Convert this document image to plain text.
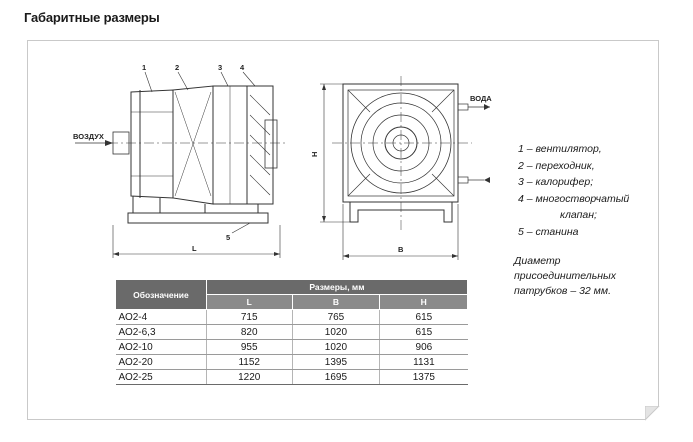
Габаритные размеры
1	2	3 4
5
ВОЗДУХ
ВОДА
L	B
H	1 – вентилятор,
2 – переходник,
3 – калорифер;
4 – многостворчатый
клапан;
5 – станина
Диаметр
присоединительных
патрубков – 32 мм.
Обозначение	Размеры, мм		
	L	B	H
АО2-4	715	765	615
АО2-6,3	820	1020	615
АО2-10	955	1020	906
АО2-20	1152	1395	1131
АО2-25	1220	1695	1375
